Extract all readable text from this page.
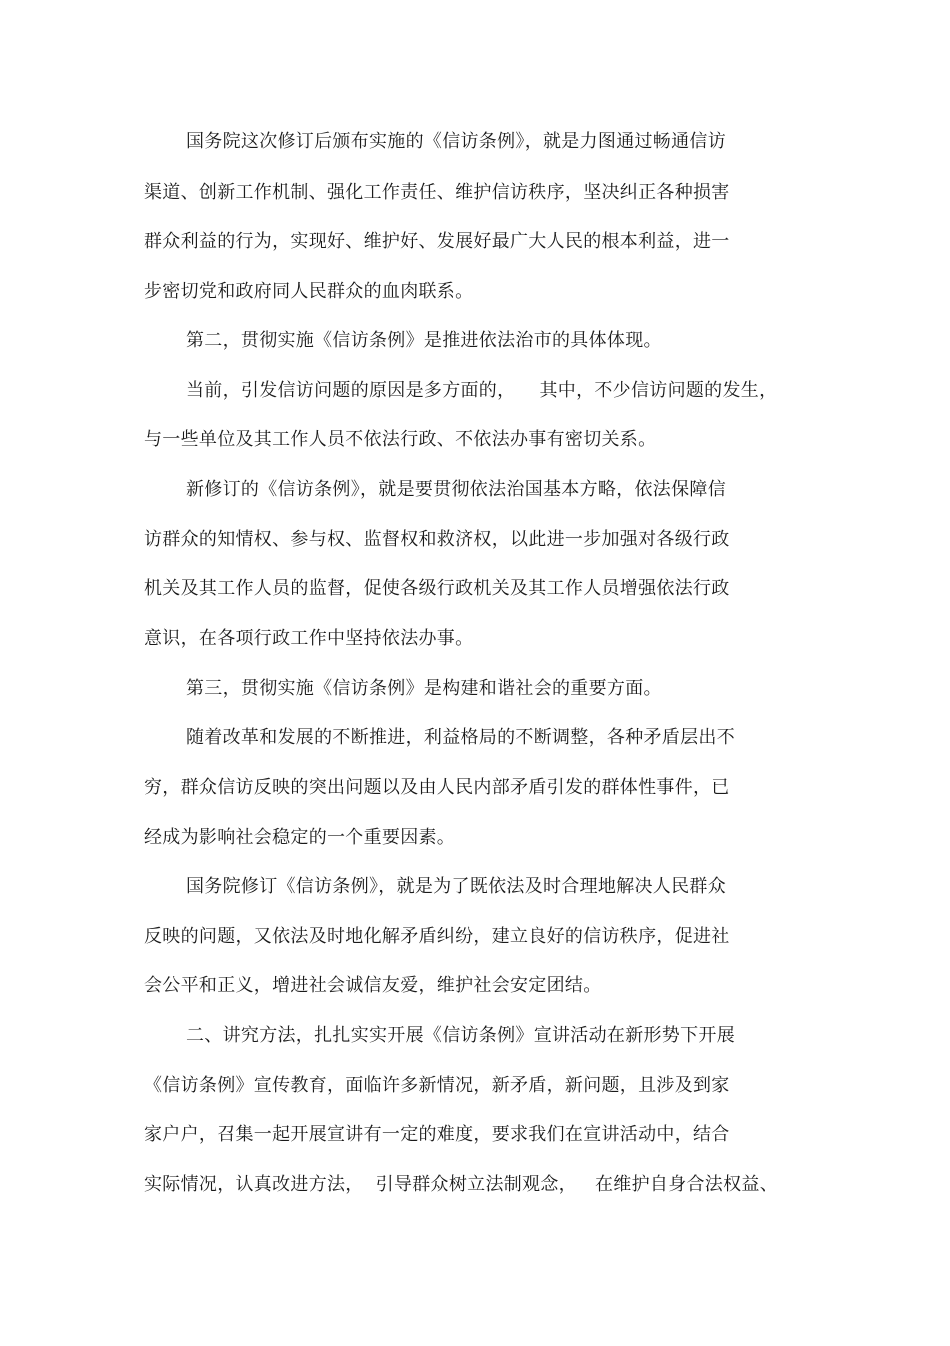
国务院这次修订后颁布实施的《信访条例》，就是力图通过畅通信访
渠道、创新工作机制、强化工作责任、维护信访秩序，坚决纠正各种损害
群众利益的行为，实现好、维护好、发展好最广大人民的根本利益，进一
步密切党和政府同人民群众的血肉联系。
第二，贯彻实施《信访条例》是推进依法治市的具体体现。
当前，引发信访问题的原因是多方面的，    其中，不少信访问题的发生，
与一些单位及其工作人员不依法行政、不依法办事有密切关系。
新修订的《信访条例》，就是要贯彻依法治国基本方略，依法保障信
访群众的知情权、参与权、监督权和救济权，以此进一步加强对各级行政
机关及其工作人员的监督，促使各级行政机关及其工作人员增强依法行政
意识，在各项行政工作中坚持依法办事。
第三，贯彻实施《信访条例》是构建和谐社会的重要方面。
随着改革和发展的不断推进，利益格局的不断调整，各种矛盾层出不
穷，群众信访反映的突出问题以及由人民内部矛盾引发的群体性事件，已
经成为影响社会稳定的一个重要因素。
国务院修订《信访条例》，就是为了既依法及时合理地解决人民群众
反映的问题，又依法及时地化解矛盾纠纷，建立良好的信访秩序，促进社
会公平和正义，增进社会诚信友爱，维护社会安定团结。
二、讲究方法，扎扎实实开展《信访条例》宣讲活动在新形势下开展
《信访条例》宣传教育，面临许多新情况，新矛盾，新问题，且涉及到家
家户户，召集一起开展宣讲有一定的难度，要求我们在宣讲活动中，结合
实际情况，认真改进方法，  引导群众树立法制观念，   在维护自身合法权益、
